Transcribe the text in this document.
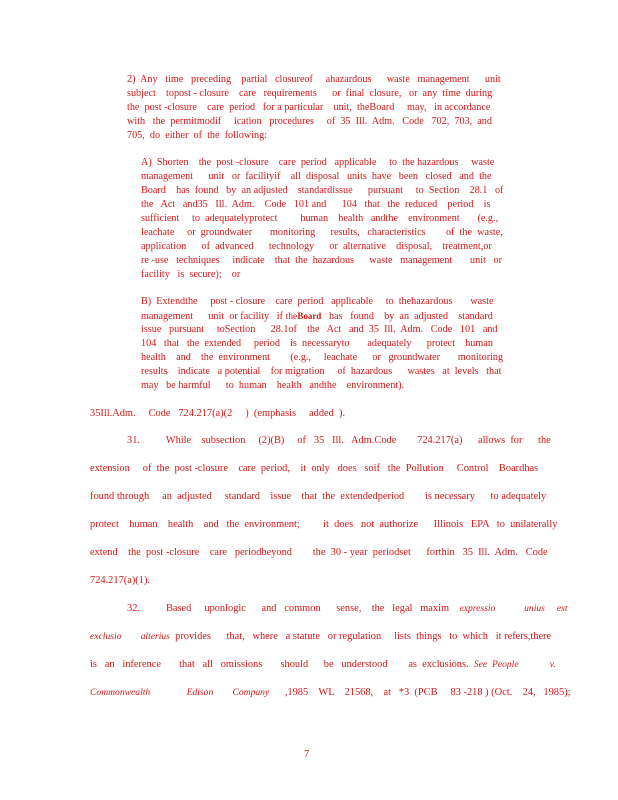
2)  Any   time   preceding    partial   closureof     ahazardous      waste   management      unit
subject    topost - closure    care   requirements      or  final  closure,   or  any  time  during
the  post -closure    care  period   for a particular    unit,  theBoard     may,   in accordance
with   the  permitmodif     ication   procedures     of  35  Ill.  Adm.   Code   702,  703,  and
705,  do  either  of  the  following:
A)  Shorten    the  post -closure    care  period   applicable     to  the hazardous     waste
management      unit   or  facilityif    all  disposal   units  have   been   closed   and  the
Board    has  found   by  an adjusted    standardissue      pursuant     to  Section    28.1   of
the   Act   and35   Ill.  Adm.    Code   101 and      104   that   the  reduced    period    is
sufficient     to  adequatelyprotect         human    health   andthe    environment       (e.g.,
leachate     or  groundwater       monitoring      results,   characteristics        of  the  waste,
application      of  advanced      technology      or  alternative    disposal,    treatment,or
re -use   techniques     indicate    that  the  hazardous      waste   management       unit   or
facility   is  secure);    or
B)  Extendthe     post - closure    care  period   applicable     to  thehazardous       waste
management      unit  or facility   if theBoard   has   found    by  an  adjusted    standard
issue   pursuant     toSection      28.1of    the   Act   and  35  Ill.  Adm.   Code   101   and
104   that   the  extended     period    is  necessaryto       adequately      protect    human
health    and    the  environment        (e.g.,     leachate      or   groundwater       monitoring
results    indicate   a potential    for migration     of  hazardous      wastes   at  levels   that
may   be harmful      to  human    health   andthe    environment).
35Ill.Adm.     Code   724.217(a)(2     )  (emphasis     added  ).
31.          While    subsection     (2)(B)     of   35   Ill.   Adm.Code        724.217(a)      allows  for      the
extension     of  the  post -closure    care  period,    it  only   does   soif   the  Pollution     Control    Boardhas
found through     an  adjusted     standard    issue    that  the  extendedperiod        is necessary      to adequately
protect    human    health    and   the  environment;         it  does   not  authorize      Illinois   EPA   to  unilaterally
extend    the  post -closure    care   periodbeyond        the  30 - year  periodset      forthin   35  Ill.  Adm.   Code
724.217(a)(1).
32.          Based     uponlogic      and   common      sense,    the   legal   maxim expressio            unius     est
exclusio        alterius  provides      that,   where   a statute   or regulation     lists  things   to  which   it refers,there
is   an   inference       that   all   omissions       should      be   understood        as  exclusions. See  People             v.
Commonwealth	Edison        Company      ,1985    WL    21568,    at   *3  (PCB     83 -218 ) (Oct.    24,   1985);
7
